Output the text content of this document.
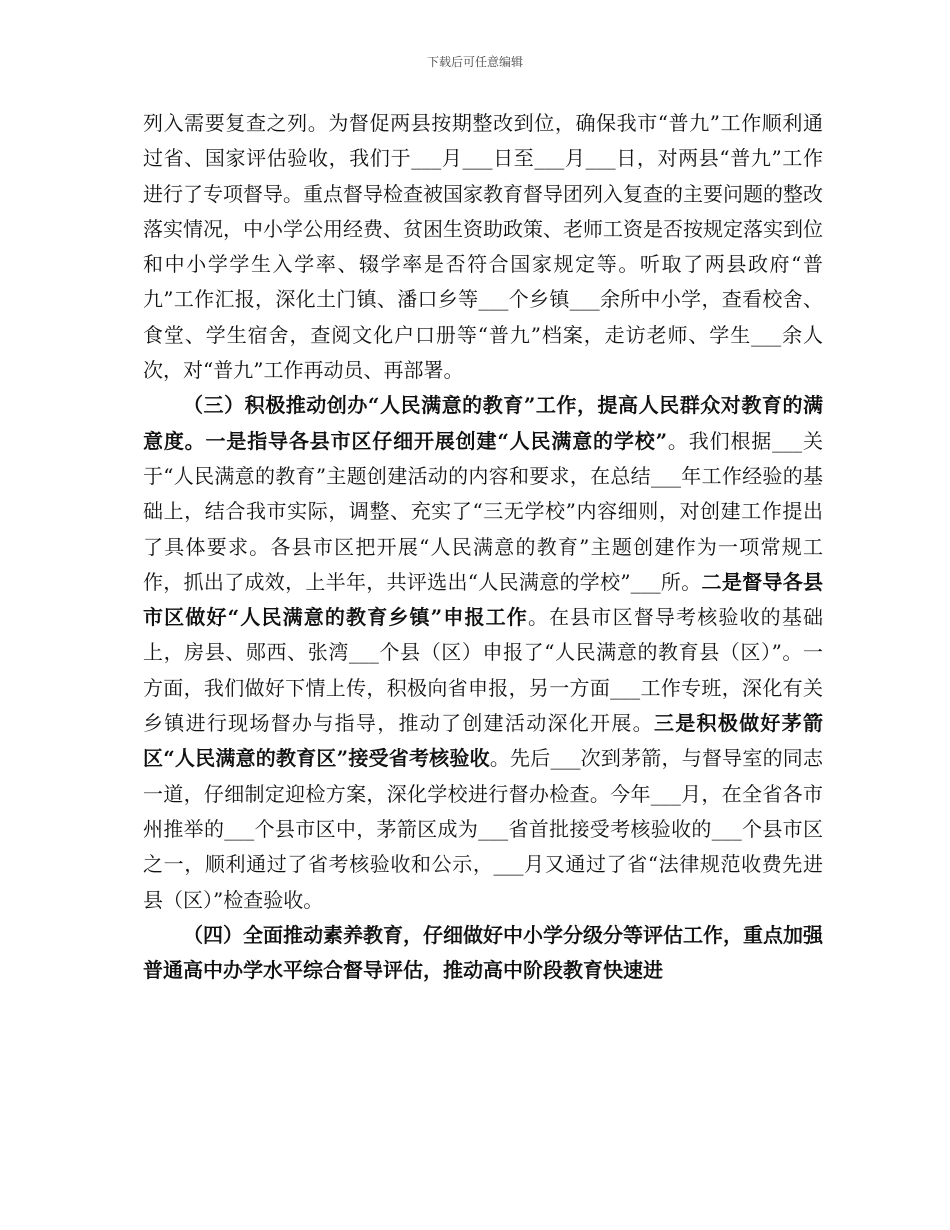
下载后可任意编辑

列入需要复查之列。为督促两县按期整改到位，确保我市“普九”工作顺利通过省、国家评估验收，我们于___月___日至___月___日，对两县“普九”工作进行了专项督导。重点督导检查被国家教育督导团列入复查的主要问题的整改落实情况，中小学公用经费、贫困生资助政策、老师工资是否按规定落实到位和中小学学生入学率、辍学率是否符合国家规定等。听取了两县政府“普九”工作汇报，深化土门镇、潘口乡等___个乡镇___余所中小学，查看校舍、食堂、学生宿舍，查阅文化户口册等“普九”档案，走访老师、学生___余人次，对“普九”工作再动员、再部署。

（三）积极推动创办“人民满意的教育”工作，提高人民群众对教育的满意度。一是指导各县市区仔细开展创建“人民满意的学校”。我们根据___关于“人民满意的教育”主题创建活动的内容和要求，在总结___年工作经验的基础上，结合我市实际，调整、充实了“三无学校”内容细则，对创建工作提出了具体要求。各县市区把开展“人民满意的教育”主题创建作为一项常规工作，抓出了成效，上半年，共评选出“人民满意的学校”___所。二是督导各县市区做好“人民满意的教育乡镇”申报工作。在县市区督导考核验收的基础上，房县、郧西、张湾___个县（区）申报了“人民满意的教育县（区）”。一方面，我们做好下情上传，积极向省申报，另一方面___工作专班，深化有关乡镇进行现场督办与指导，推动了创建活动深化开展。三是积极做好茅箭区“人民满意的教育区”接受省考核验收。先后___次到茅箭，与督导室的同志一道，仔细制定迎检方案，深化学校进行督办检查。今年___月，在全省各市州推举的___个县市区中，茅箭区成为___省首批接受考核验收的___个县市区之一，顺利通过了省考核验收和公示，___月又通过了省“法律规范收费先进县（区）”检查验收。

（四）全面推动素养教育，仔细做好中小学分级分等评估工作，重点加强普通高中办学水平综合督导评估，推动高中阶段教育快速进
